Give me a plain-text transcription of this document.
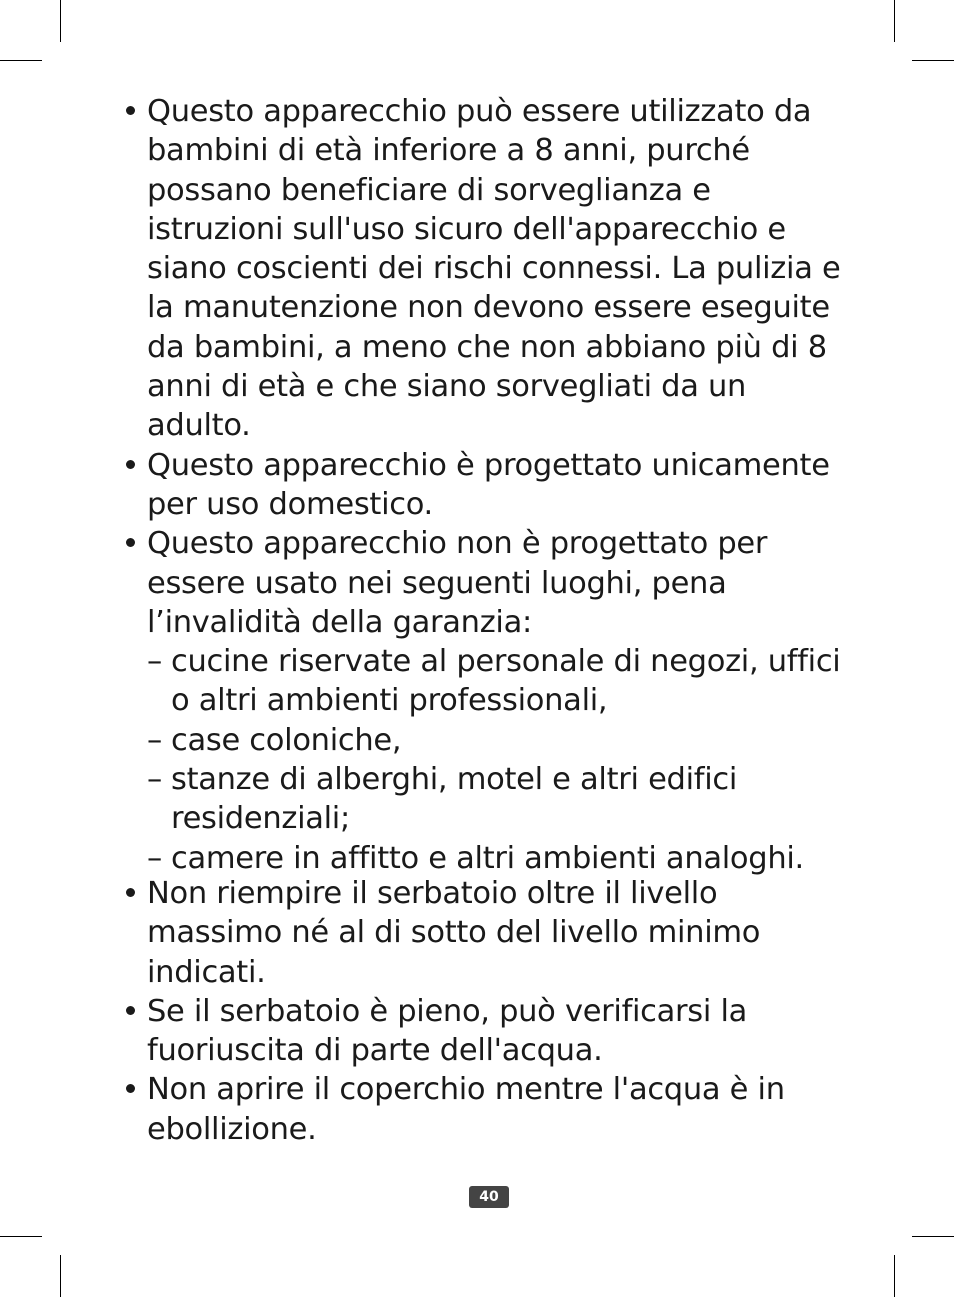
Questo apparecchio può essere utilizzato da bambini di età inferiore a 8 anni, purché possano beneficiare di sorveglianza e istruzioni sull'uso sicuro dell'apparecchio e siano coscienti dei rischi connessi. La pulizia e la manutenzione non devono essere eseguite da bambini, a meno che non abbiano più di 8 anni di età e che siano sorvegliati da un adulto.
Questo apparecchio è progettato unicamente per uso domestico.
Questo apparecchio non è progettato per essere usato nei seguenti luoghi, pena l’invalidità della garanzia:
– cucine riservate al personale di negozi, uffici o altri ambienti professionali,
– case coloniche,
– stanze di alberghi, motel e altri edifici residenziali;
– camere in affitto e altri ambienti analoghi.
Non riempire il serbatoio oltre il livello massimo né al di sotto del livello minimo indicati.
Se il serbatoio è pieno, può verificarsi la fuoriuscita di parte dell'acqua.
Non aprire il coperchio mentre l'acqua è in ebollizione.
40
